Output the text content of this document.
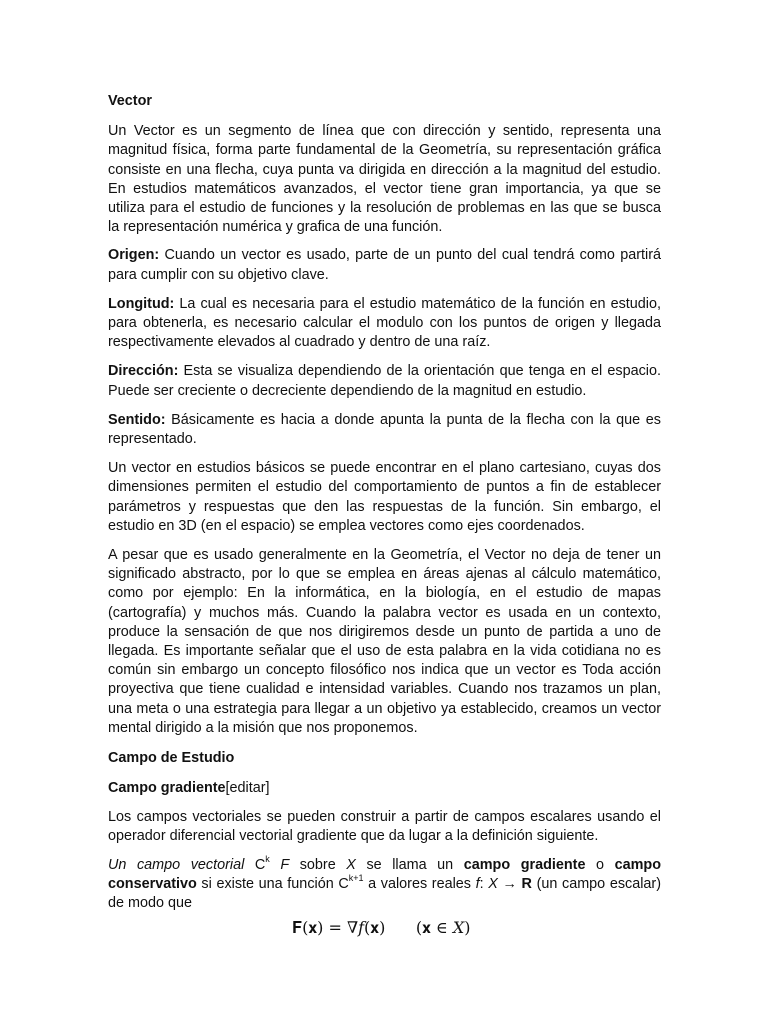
Vector

Un Vector es un segmento de línea que con dirección y sentido, representa una magnitud física, forma parte fundamental de la Geometría, su representación gráfica consiste en una flecha, cuya punta va dirigida en dirección a la magnitud del estudio. En estudios matemáticos avanzados, el vector tiene gran importancia, ya que se utiliza para el estudio de funciones y la resolución de problemas en las que se busca la representación numérica y grafica de una función.

Origen: Cuando un vector es usado, parte de un punto del cual tendrá como partirá para cumplir con su objetivo clave.

Longitud: La cual es necesaria para el estudio matemático de la función en estudio, para obtenerla, es necesario calcular el modulo con los puntos de origen y llegada respectivamente elevados al cuadrado y dentro de una raíz.

Dirección: Esta se visualiza dependiendo de la orientación que tenga en el espacio. Puede ser creciente o decreciente dependiendo de la magnitud en estudio.

Sentido: Básicamente es hacia a donde apunta la punta de la flecha con la que es representado.

Un vector en estudios básicos se puede encontrar en el plano cartesiano, cuyas dos dimensiones permiten el estudio del comportamiento de puntos a fin de establecer parámetros y respuestas que den las respuestas de la función. Sin embargo, el estudio en 3D (en el espacio) se emplea vectores como ejes coordenados.

A pesar que es usado generalmente en la Geometría, el Vector no deja de tener un significado abstracto, por lo que se emplea en áreas ajenas al cálculo matemático, como por ejemplo: En la informática, en la biología, en el estudio de mapas (cartografía) y muchos más. Cuando la palabra vector es usada en un contexto, produce la sensación de que nos dirigiremos desde un punto de partida a uno de llegada. Es importante señalar que el uso de esta palabra en la vida cotidiana no es común sin embargo un concepto filosófico nos indica que un vector es Toda acción proyectiva que tiene cualidad e intensidad variables. Cuando nos trazamos un plan, una meta o una estrategia para llegar a un objetivo ya establecido, creamos un vector mental dirigido a la misión que nos proponemos.

Campo de Estudio

Campo gradiente[editar]

Los campos vectoriales se pueden construir a partir de campos escalares usando el operador diferencial vectorial gradiente que da lugar a la definición siguiente.

Un campo vectorial $C^k$ F sobre X se llama un campo gradiente o campo conservativo si existe una función $C^{k+1}$ a valores reales f: X → R (un campo escalar) de modo que

𝐅(𝐱) = ∇𝑓(𝐱)      (𝐱 ∈ 𝑋)
